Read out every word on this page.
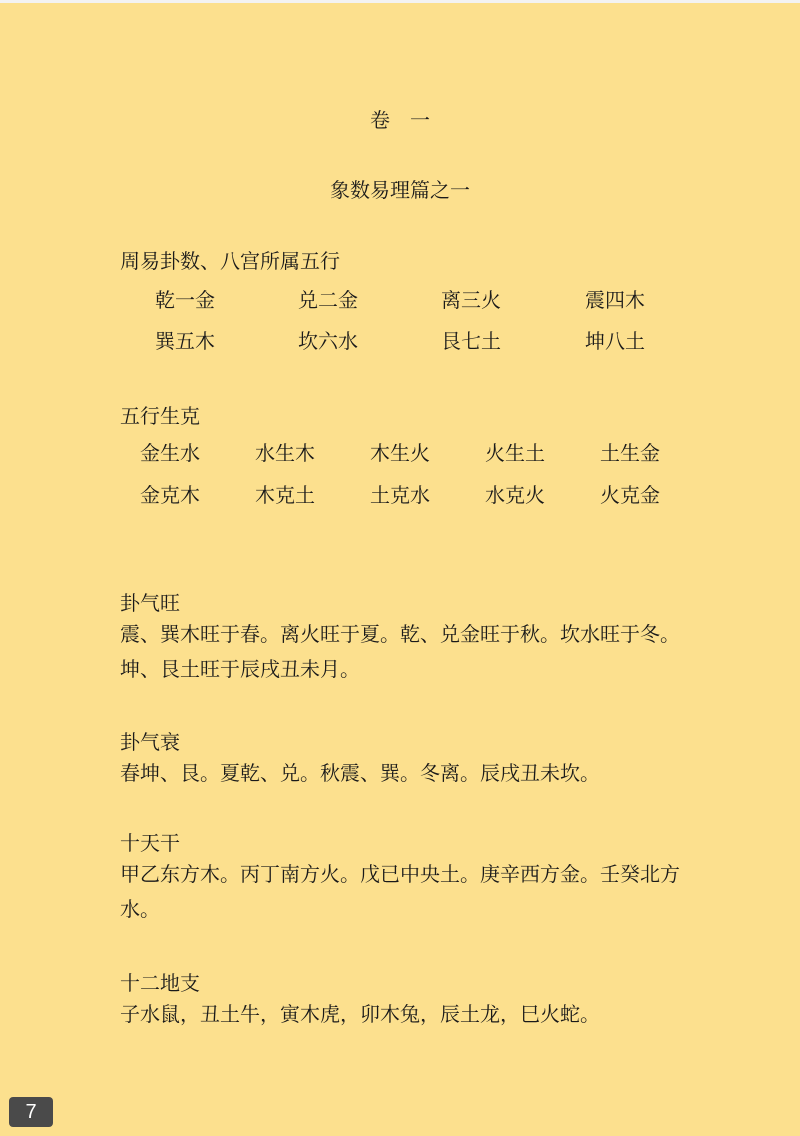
卷　一
象数易理篇之一
周易卦数、八宫所属五行
乾一金	兑二金	离三火	震四木
巽五木	坎六水	艮七土	坤八土
五行生克
金生水	水生木	木生火	火生土	土生金
金克木	木克土	土克水	水克火	火克金
卦气旺
震、巽木旺于春。离火旺于夏。乾、兑金旺于秋。坎水旺于冬。坤、艮土旺于辰戌丑未月。
卦气衰
春坤、艮。夏乾、兑。秋震、巽。冬离。辰戌丑未坎。
十天干
甲乙东方木。丙丁南方火。戊已中央土。庚辛西方金。壬癸北方水。
十二地支
子水鼠，丑土牛，寅木虎，卯木兔，辰土龙，巳火蛇。
7
